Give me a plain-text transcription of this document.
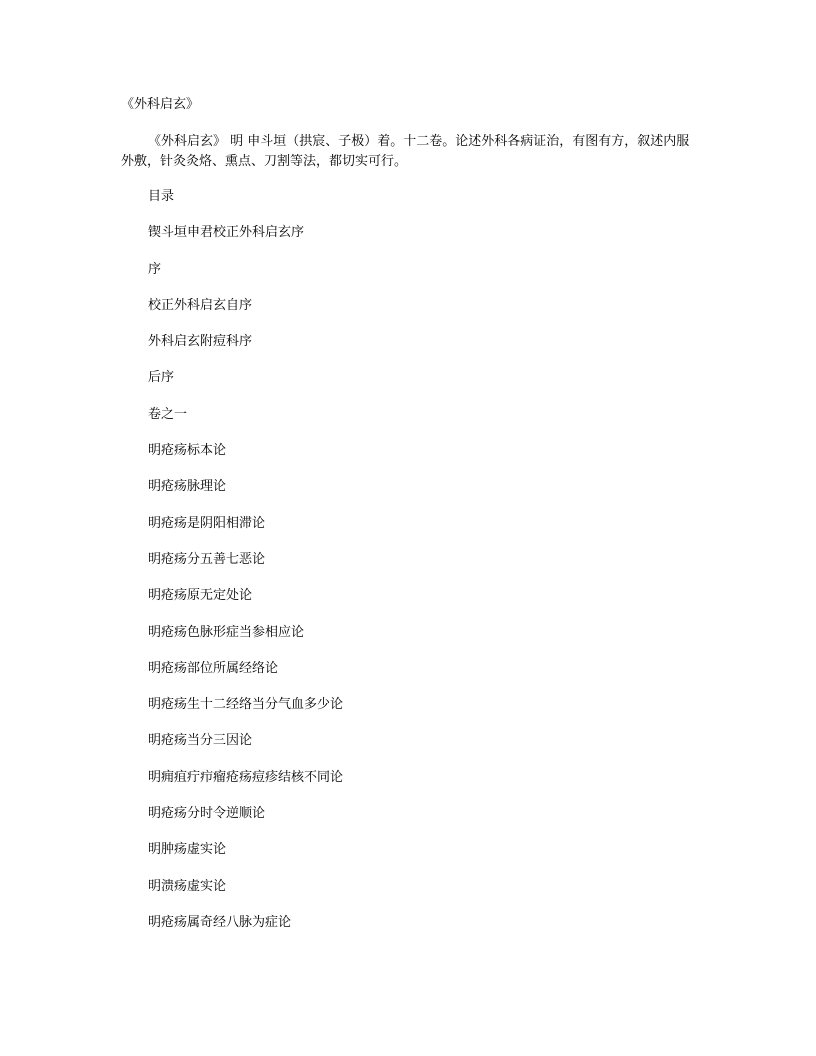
《外科启玄》

《外科启玄》 明 申斗垣（拱宸、子极）着。十二卷。论述外科各病证治，有图有方，叙述内服外敷，针灸灸烙、熏点、刀割等法，都切实可行。

目录
锲斗垣申君校正外科启玄序
序
校正外科启玄自序
外科启玄附痘科序
后序
卷之一
明疮疡标本论
明疮疡脉理论
明疮疡是阴阳相滞论
明疮疡分五善七恶论
明疮疡原无定处论
明疮疡色脉形症当参相应论
明疮疡部位所属经络论
明疮疡生十二经络当分气血多少论
明疮疡当分三因论
明痈疽疔疖瘤疮疡痘疹结核不同论
明疮疡分时令逆顺论
明肿疡虚实论
明溃疡虚实论
明疮疡属奇经八脉为症论
